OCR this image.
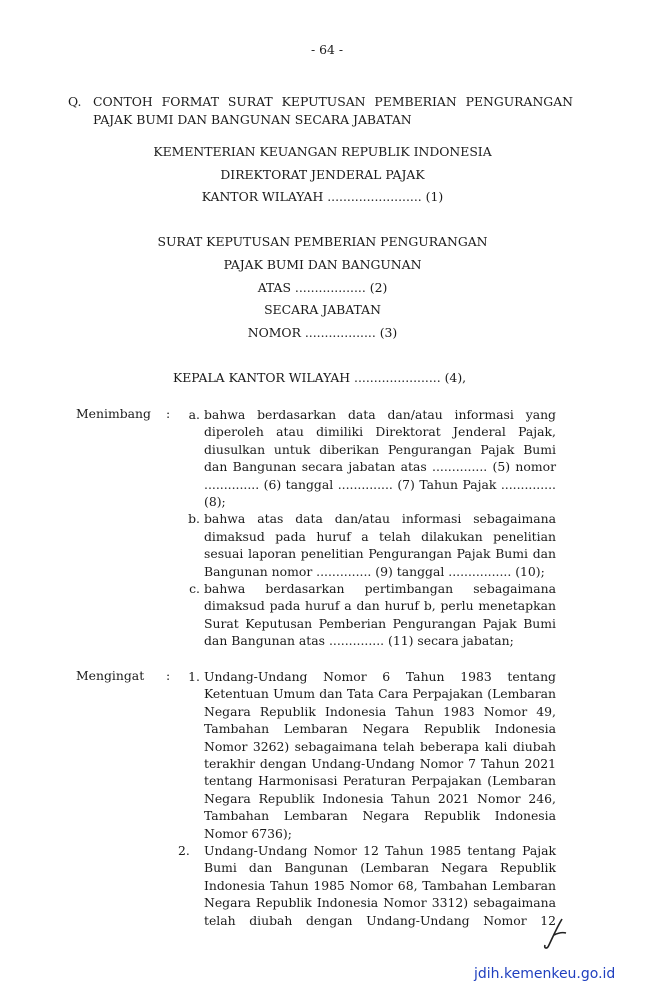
- 64 -
Q. CONTOH FORMAT SURAT KEPUTUSAN PEMBERIAN PENGURANGAN
PAJAK BUMI DAN BANGUNAN SECARA JABATAN
KEMENTERIAN KEUANGAN REPUBLIK INDONESIA
DIREKTORAT JENDERAL PAJAK
KANTOR WILAYAH ........................ (1)
SURAT KEPUTUSAN PEMBERIAN PENGURANGAN
PAJAK BUMI DAN BANGUNAN
ATAS .................. (2)
SECARA JABATAN
NOMOR .................. (3)
KEPALA KANTOR WILAYAH ...................... (4),
Menimbang :	a. bahwa berdasarkan data dan/atau informasi yang diperoleh atau dimiliki Direktorat Jenderal Pajak, diusulkan untuk diberikan Pengurangan Pajak Bumi dan Bangunan secara jabatan atas .............. (5) nomor .............. (6) tanggal .............. (7) Tahun Pajak .............. (8);
b. bahwa atas data dan/atau informasi sebagaimana dimaksud pada huruf a telah dilakukan penelitian sesuai laporan penelitian Pengurangan Pajak Bumi dan Bangunan nomor .............. (9) tanggal ................ (10);
c. bahwa berdasarkan pertimbangan sebagaimana dimaksud pada huruf a dan huruf b, perlu menetapkan Surat Keputusan Pemberian Pengurangan Pajak Bumi dan Bangunan atas .............. (11) secara jabatan;
Mengingat :	1. Undang-Undang Nomor 6 Tahun 1983 tentang Ketentuan Umum dan Tata Cara Perpajakan (Lembaran Negara Republik Indonesia Tahun 1983 Nomor 49, Tambahan Lembaran Negara Republik Indonesia Nomor 3262) sebagaimana telah beberapa kali diubah terakhir dengan Undang-Undang Nomor 7 Tahun 2021 tentang Harmonisasi Peraturan Perpajakan (Lembaran Negara Republik Indonesia Tahun 2021 Nomor 246, Tambahan Lembaran Negara Republik Indonesia Nomor 6736);
2.	Undang-Undang Nomor 12 Tahun 1985 tentang Pajak Bumi dan Bangunan (Lembaran Negara Republik Indonesia Tahun 1985 Nomor 68, Tambahan Lembaran Negara Republik Indonesia Nomor 3312) sebagaimana telah diubah dengan Undang-Undang Nomor 12
jdih.kemenkeu.go.id
